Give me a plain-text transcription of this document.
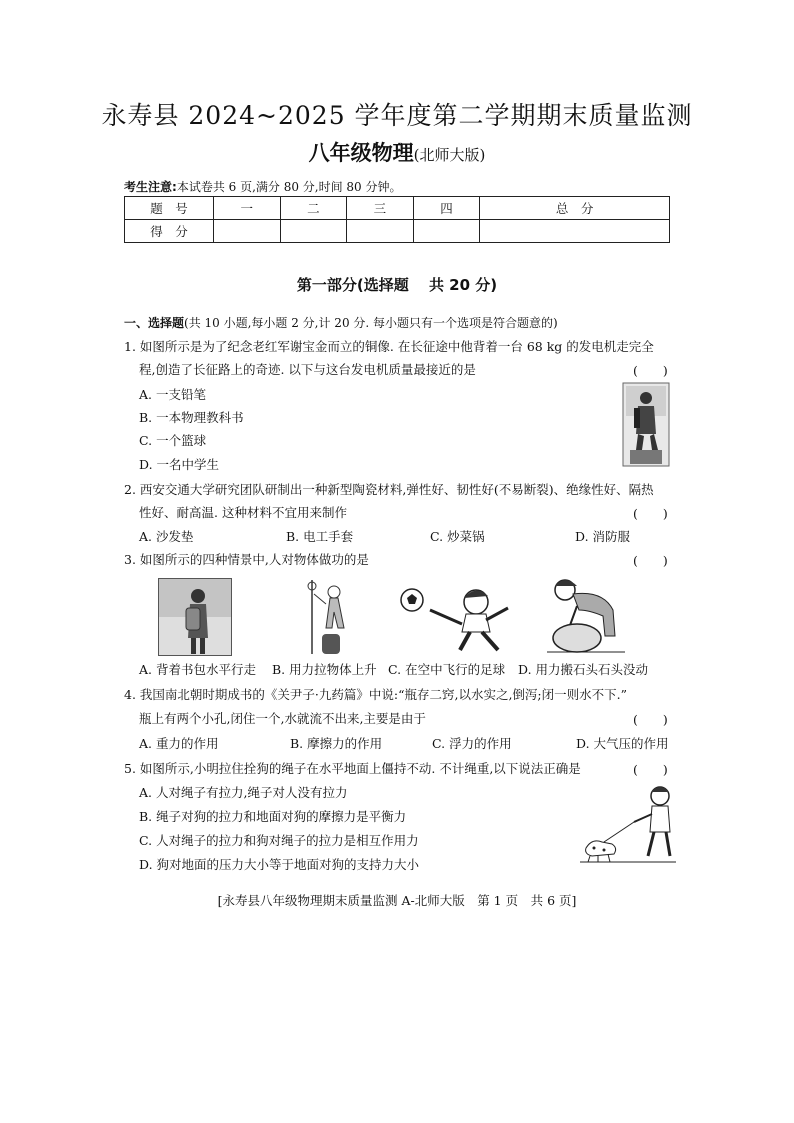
永寿县 2024~2025 学年度第二学期期末质量监测
八年级物理(北师大版)
考生注意:本试卷共 6 页,满分 80 分,时间 80 分钟。
题　号	一	二	三	四	总　分
得　分					
第一部分(选择题　 共 20 分)
一、选择题(共 10 小题,每小题 2 分,计 20 分. 每小题只有一个选项是符合题意的)
1. 如图所示是为了纪念老红军谢宝金而立的铜像. 在长征途中他背着一台 68 kg 的发电机走完全
程,创造了长征路上的奇迹. 以下与这台发电机质量最接近的是	(　　)
A. 一支铅笔
B. 一本物理教科书
C. 一个篮球
D. 一名中学生
2. 西安交通大学研究团队研制出一种新型陶瓷材料,弹性好、韧性好(不易断裂)、绝缘性好、隔热
性好、耐高温. 这种材料不宜用来制作	(　　)
A. 沙发垫	B. 电工手套	C. 炒菜锅	D. 消防服
3. 如图所示的四种情景中,人对物体做功的是	(　　)
A. 背着书包水平行走 B. 用力拉物体上升 C. 在空中飞行的足球 D. 用力搬石头石头没动
4. 我国南北朝时期成书的《关尹子·九药篇》中说:“瓶存二窍,以水实之,倒泻;闭一则水不下.”
瓶上有两个小孔,闭住一个,水就流不出来,主要是由于	(　　)
A. 重力的作用	B. 摩擦力的作用	C. 浮力的作用	D. 大气压的作用
5. 如图所示,小明拉住拴狗的绳子在水平地面上僵持不动. 不计绳重,以下说法正确是	(　　)
A. 人对绳子有拉力,绳子对人没有拉力
B. 绳子对狗的拉力和地面对狗的摩擦力是平衡力
C. 人对绳子的拉力和狗对绳子的拉力是相互作用力
D. 狗对地面的压力大小等于地面对狗的支持力大小
[永寿县八年级物理期末质量监测 A-北师大版　第 1 页　共 6 页]
